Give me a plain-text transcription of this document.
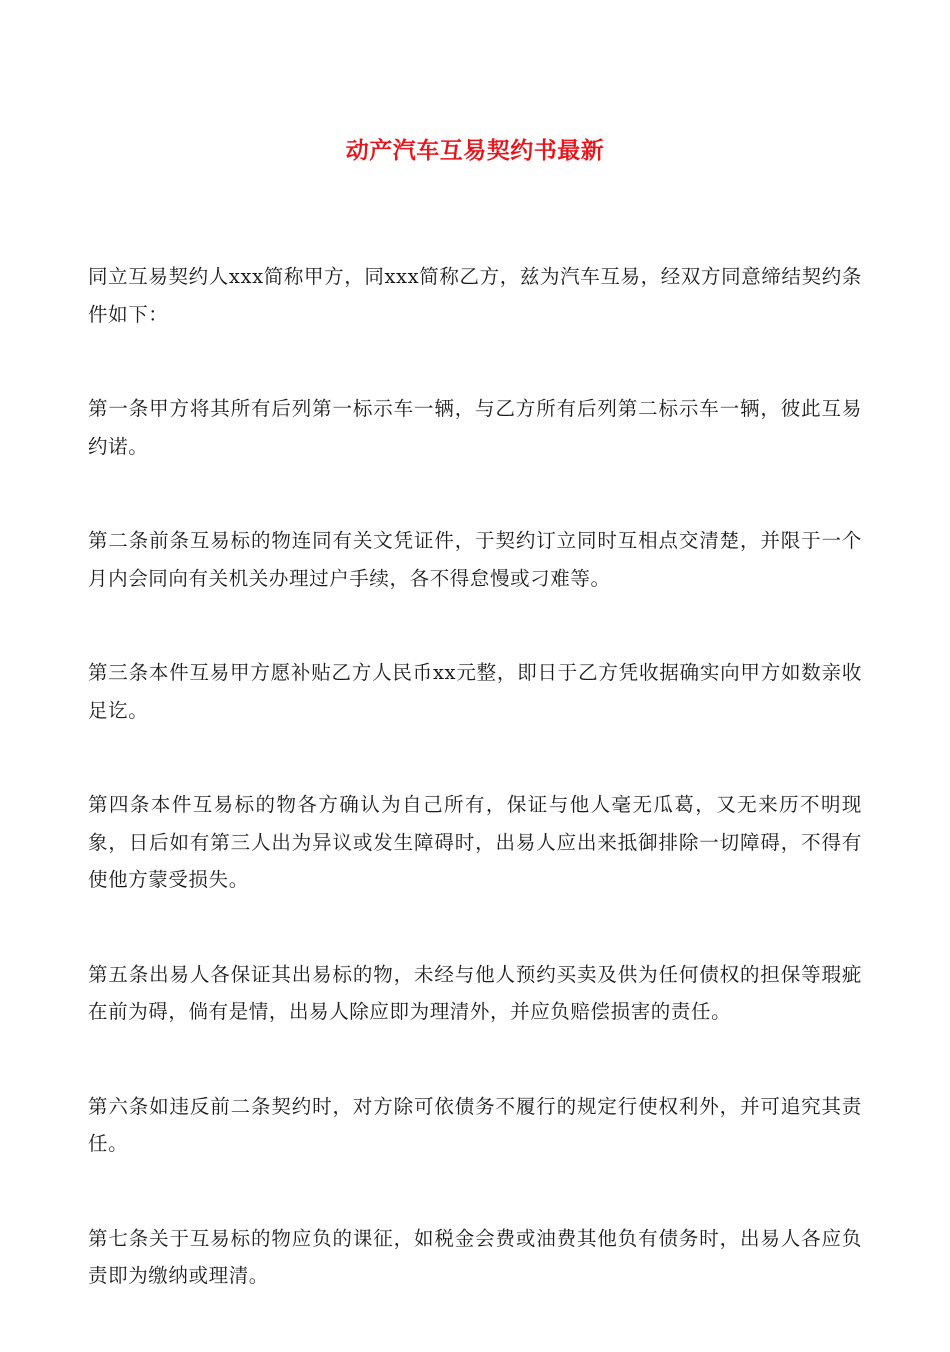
动产汽车互易契约书最新

同立互易契约人xxx简称甲方，同xxx简称乙方，兹为汽车互易，经双方同意缔结契约条件如下：

第一条甲方将其所有后列第一标示车一辆，与乙方所有后列第二标示车一辆，彼此互易约诺。

第二条前条互易标的物连同有关文凭证件，于契约订立同时互相点交清楚，并限于一个月内会同向有关机关办理过户手续，各不得怠慢或刁难等。

第三条本件互易甲方愿补贴乙方人民币xx元整，即日于乙方凭收据确实向甲方如数亲收足讫。

第四条本件互易标的物各方确认为自己所有，保证与他人毫无瓜葛，又无来历不明现象，日后如有第三人出为异议或发生障碍时，出易人应出来抵御排除一切障碍，不得有使他方蒙受损失。

第五条出易人各保证其出易标的物，未经与他人预约买卖及供为任何债权的担保等瑕疵在前为碍，倘有是情，出易人除应即为理清外，并应负赔偿损害的责任。

第六条如违反前二条契约时，对方除可依债务不履行的规定行使权利外，并可追究其责任。

第七条关于互易标的物应负的课征，如税金会费或油费其他负有债务时，出易人各应负责即为缴纳或理清。
